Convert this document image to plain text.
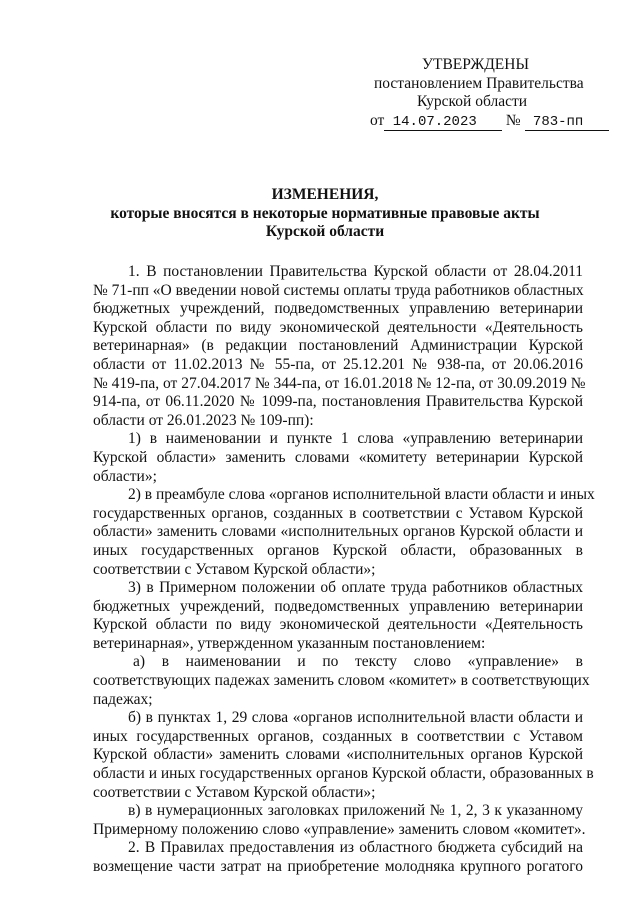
УТВЕРЖДЕНЫ
постановлением Правительства
Курской области
от 14.07.2023 № 783-пп
ИЗМЕНЕНИЯ,
которые вносятся в некоторые нормативные правовые акты
Курской области
1. В постановлении Правительства Курской области от 28.04.2011
№ 71-пп «О введении новой системы оплаты труда работников областных
бюджетных учреждений, подведомственных управлению ветеринарии
Курской области по виду экономической деятельности «Деятельность
ветеринарная» (в редакции постановлений Администрации Курской
области от 11.02.2013 № 55-па, от 25.12.201 № 938-па, от 20.06.2016
№ 419-па, от 27.04.2017 № 344-па, от 16.01.2018 № 12-па, от 30.09.2019 №
914-па, от 06.11.2020 № 1099-па, постановления Правительства Курской
области от 26.01.2023 № 109-пп):
1) в наименовании и пункте 1 слова «управлению ветеринарии
Курской области» заменить словами «комитету ветеринарии Курской
области»;
2) в преамбуле слова «органов исполнительной власти области и иных
государственных органов, созданных в соответствии с Уставом Курской
области» заменить словами «исполнительных органов Курской области и
иных государственных органов Курской области, образованных в
соответствии с Уставом Курской области»;
3) в Примерном положении об оплате труда работников областных
бюджетных учреждений, подведомственных управлению ветеринарии
Курской области по виду экономической деятельности «Деятельность
ветеринарная», утвержденном указанным постановлением:
а) в наименовании и по тексту слово «управление» в
соответствующих падежах заменить словом «комитет» в соответствующих
падежах;
б) в пунктах 1, 29 слова «органов исполнительной власти области и
иных государственных органов, созданных в соответствии с Уставом
Курской области» заменить словами «исполнительных органов Курской
области и иных государственных органов Курской области, образованных в
соответствии с Уставом Курской области»;
в) в нумерационных заголовках приложений № 1, 2, 3 к указанному
Примерному положению слово «управление» заменить словом «комитет».
2. В Правилах предоставления из областного бюджета субсидий на
возмещение части затрат на приобретение молодняка крупного рогатого
